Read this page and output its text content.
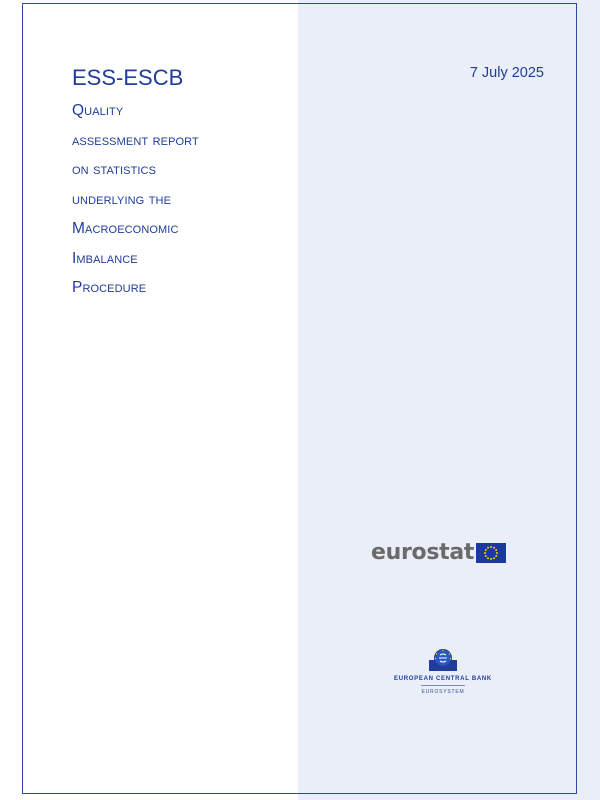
ESS-ESCB
Quality
assessment report
on statistics
underlying the
Macroeconomic
Imbalance
Procedure
7 July 2025
eurostat
EUROPEAN CENTRAL BANK
EUROSYSTEM
